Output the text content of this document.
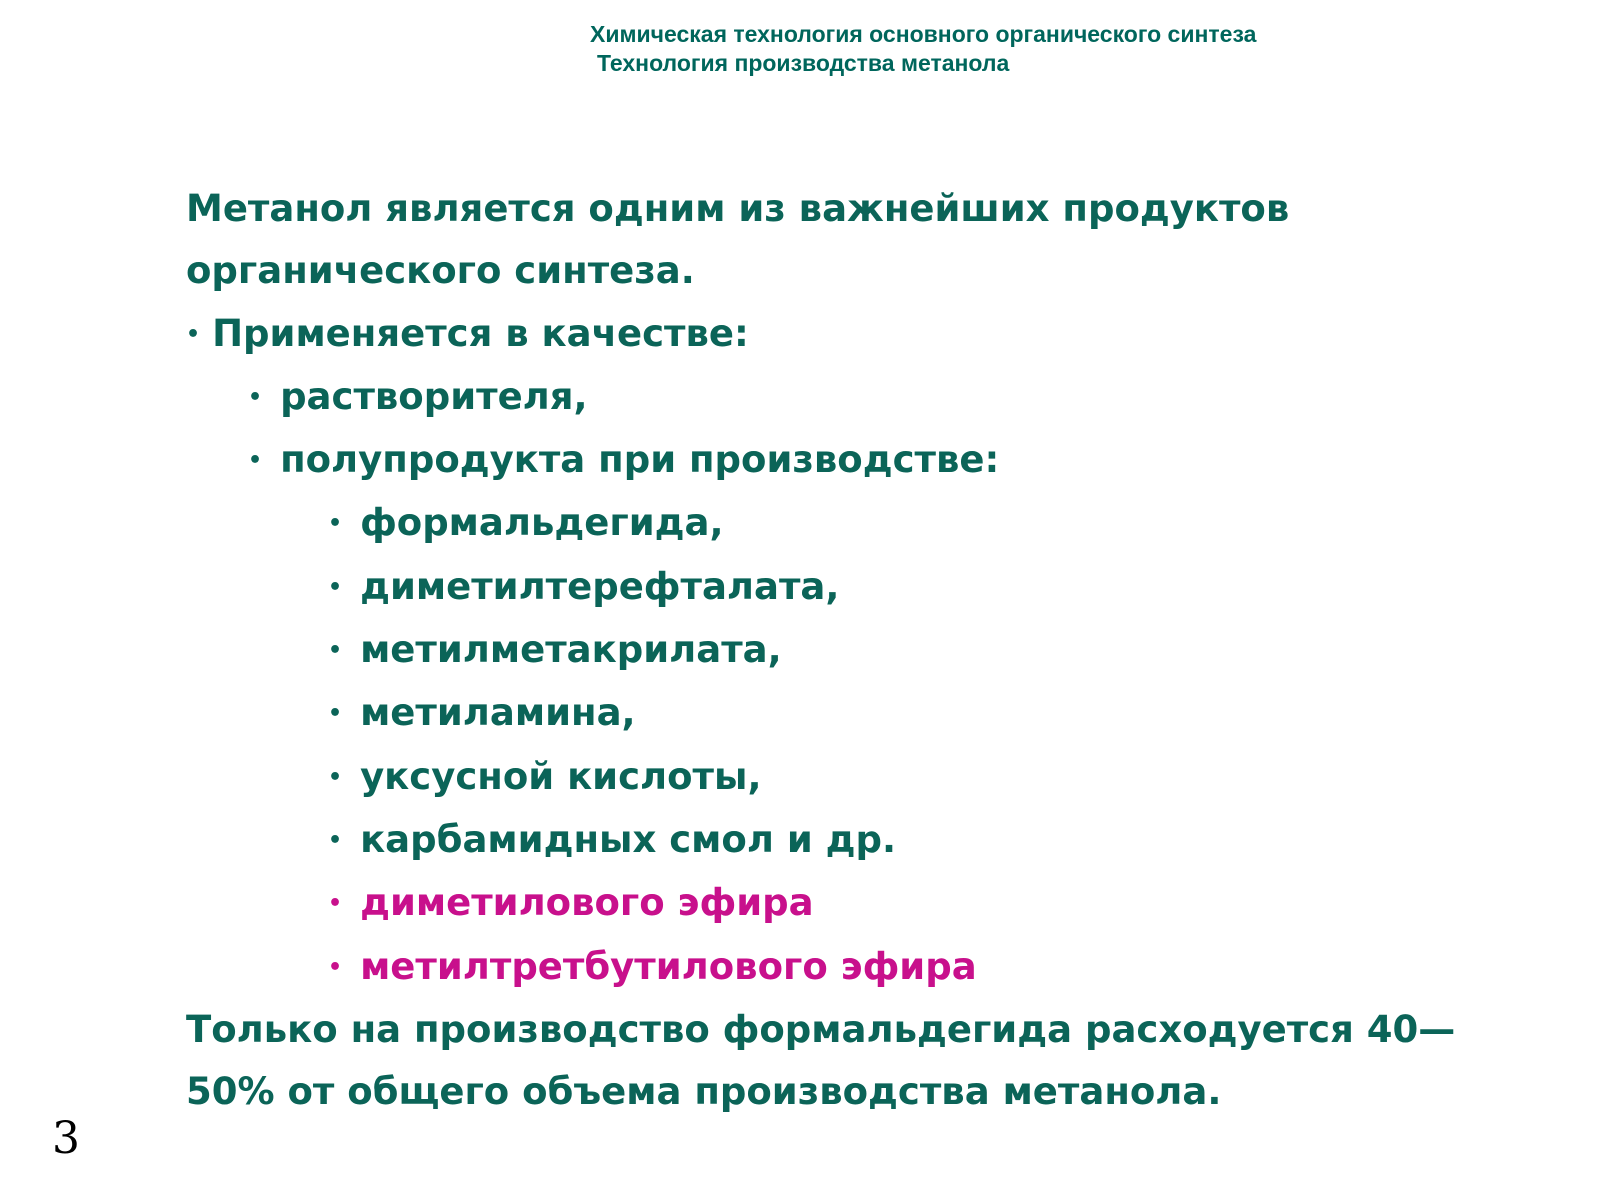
Химическая технология основного органического синтеза
Технология производства метанола
Метанол является одним из важнейших продуктов
органического синтеза.
• Применяется в качестве:
• растворителя,
• полупродукта при производстве:
• формальдегида,
• диметилтерефталата,
• метилметакрилата,
• метиламина,
• уксусной кислоты,
• карбамидных смол и др.
• диметилового эфира
• метилтретбутилового эфира
Только на производство формальдегида расходуется 40—
50% от общего объема производства метанола.
3
